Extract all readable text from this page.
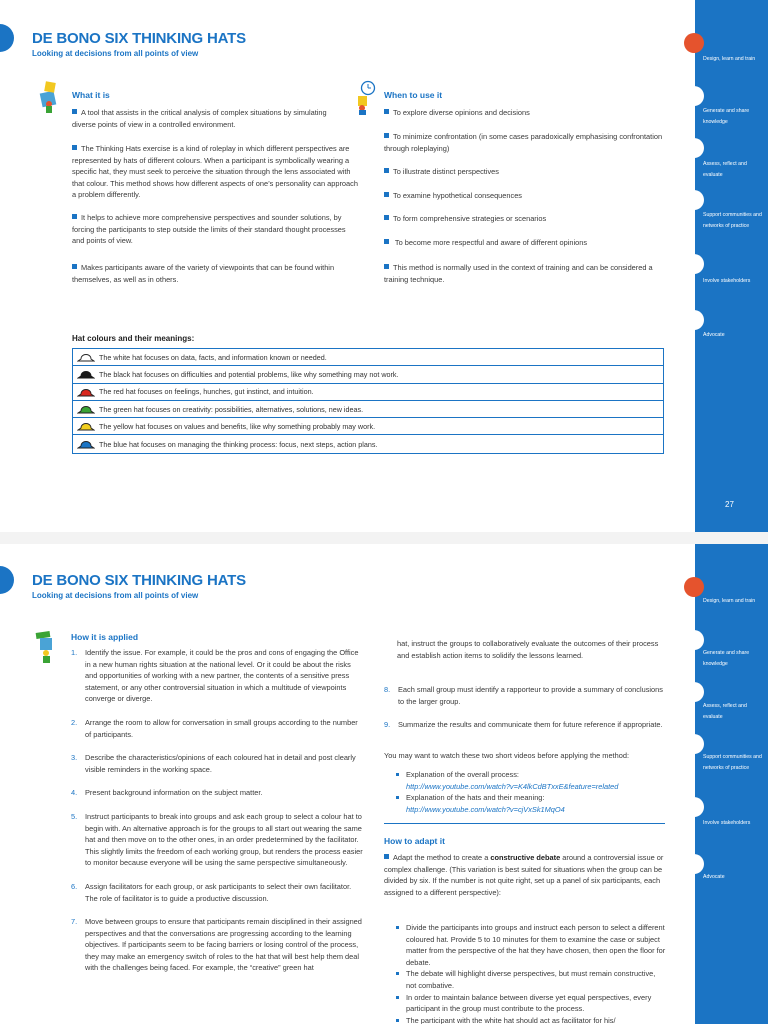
DE BONO SIX THINKING HATS
Looking at decisions from all points of view
What it is
A tool that assists in the critical analysis of complex situations by simulating diverse points of view in a controlled environment.
The Thinking Hats exercise is a kind of roleplay in which different perspectives are represented by hats of different colours. When a participant is symbolically wearing a specific hat, they must seek to perceive the situation through the lens associated with that colour. This method shows how different aspects of one’s personality can approach a problem differently.
It helps to achieve more comprehensive perspectives and sounder solutions, by forcing the participants to step outside the limits of their standard thought processes and points of view.
Makes participants aware of the variety of viewpoints that can be found within themselves, as well as in others.
When to use it
To explore diverse opinions and decisions
To minimize confrontation (in some cases paradoxically emphasising confrontation through roleplaying)
To illustrate distinct perspectives
To examine hypothetical consequences
To form comprehensive strategies or scenarios
To become more respectful and aware of different opinions
This method is normally used in the context of training and can be considered a training technique.
Hat colours and their meanings:
The white hat focuses on data, facts, and information known or needed.
The black hat focuses on difficulties and potential problems, like why something may not work.
The red hat focuses on feelings, hunches, gut instinct, and intuition.
The green hat focuses on creativity: possibilities, alternatives, solutions, new ideas.
The yellow hat focuses on values and benefits, like why something probably may work.
The blue hat focuses on managing the thinking process: focus, next steps, action plans.
Design, learn and train
Generate and share knowledge
Assess, reflect and evaluate
Support communities and networks of practice
Involve stakeholders
Advocate
27
DE BONO SIX THINKING HATS
Looking at decisions from all points of view
How it is applied
1. Identify the issue. For example, it could be the pros and cons of engaging the Office in a new human rights situation at the national level. Or it could be about the risks and opportunities of working with a new partner, the contents of a sensitive press statement, or any other controversial situation in which a multitude of viewpoints converge or diverge.
2. Arrange the room to allow for conversation in small groups according to the number of participants.
3. Describe the characteristics/opinions of each coloured hat in detail and post clearly visible reminders in the working space.
4. Present background information on the subject matter.
5. Instruct participants to break into groups and ask each group to select a colour hat to begin with. An alternative approach is for the groups to all start out wearing the same hat and then move on to the other ones, in an order predetermined by the facilitator. This slightly limits the freedom of each working group, but renders the process easier to monitor because everyone will be using the same perspective simultaneously.
6. Assign facilitators for each group, or ask participants to select their own facilitator. The role of facilitator is to guide a productive discussion.
7. Move between groups to ensure that participants remain disciplined in their assigned perspectives and that the conversations are progressing according to the learning objectives. If participants seem to be facing barriers or losing control of the process, they may make an emergency switch of roles to the hat that will best help them deal with the challenges being faced. For example, the “creative” green hat
hat, instruct the groups to collaboratively evaluate the outcomes of their process and establish action items to solidify the lessons learned.
8. Each small group must identify a rapporteur to provide a summary of conclusions to the larger group.
9. Summarize the results and communicate them for future reference if appropriate.
You may want to watch these two short videos before applying the method:
Explanation of the overall process:
http://www.youtube.com/watch?v=K4lkCdBTxxE&feature=related
Explanation of the hats and their meaning:
http://www.youtube.com/watch?v=cjVxSk1MqO4
How to adapt it
Adapt the method to create a constructive debate around a controversial issue or complex challenge. (This variation is best suited for situations when the group can be divided by six. If the number is not quite right, set up a panel of six participants, each assigned to a different perspective):
Divide the participants into groups and instruct each person to select a different coloured hat. Provide 5 to 10 minutes for them to examine the case or subject matter from the perspective of the hat they have chosen, then open the floor for debate.
The debate will highlight diverse perspectives, but must remain constructive, not combative.
In order to maintain balance between diverse yet equal perspectives, every participant in the group must contribute to the process.
The participant with the white hat should act as facilitator for his/
Design, learn and train
Generate and share knowledge
Assess, reflect and evaluate
Support communities and networks of practice
Involve stakeholders
Advocate
